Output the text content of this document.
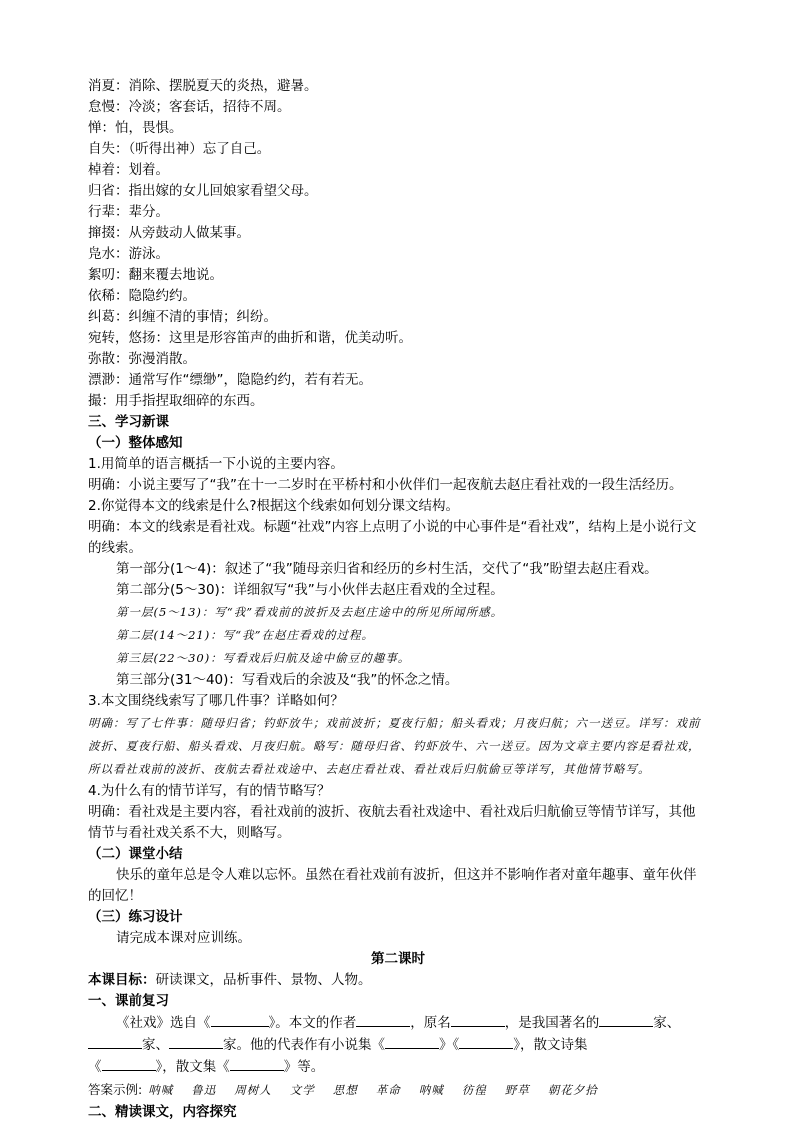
消夏：消除、摆脱夏天的炎热，避暑。
怠慢：冷淡；客套话，招待不周。
惮：怕，畏惧。
自失：（听得出神）忘了自己。
棹着：划着。
归省：指出嫁的女儿回娘家看望父母。
行辈：辈分。
撺掇：从旁鼓动人做某事。
凫水：游泳。
絮叨：翻来覆去地说。
依稀：隐隐约约。
纠葛：纠缠不清的事情；纠纷。
宛转，悠扬：这里是形容笛声的曲折和谐，优美动听。
弥散：弥漫消散。
漂渺：通常写作“缥缈”，隐隐约约，若有若无。
撮：用手指捏取细碎的东西。
三、学习新课
（一）整体感知
1.用简单的语言概括一下小说的主要内容。
明确：小说主要写了“我”在十一二岁时在平桥村和小伙伴们一起夜航去赵庄看社戏的一段生活经历。
2.你觉得本文的线索是什么?根据这个线索如何划分课文结构。
明确：本文的线索是看社戏。标题“社戏”内容上点明了小说的中心事件是“看社戏”，结构上是小说行文的线索。
第一部分(1～4)：叙述了“我”随母亲归省和经历的乡村生活，交代了“我”盼望去赵庄看戏。
第二部分(5～30)：详细叙写“我”与小伙伴去赵庄看戏的全过程。
第一层(5～13)：写“我”看戏前的波折及去赵庄途中的所见所闻所感。
第二层(14～21)：写“我”在赵庄看戏的过程。
第三层(22～30)：写看戏后归航及途中偷豆的趣事。
第三部分(31～40)：写看戏后的余波及“我”的怀念之情。
3.本文围绕线索写了哪几件事？详略如何？
明确：写了七件事：随母归省；钓虾放牛；戏前波折；夏夜行船；船头看戏；月夜归航；六一送豆。详写：戏前波折、夏夜行船、船头看戏、月夜归航。略写：随母归省、钓虾放牛、六一送豆。因为文章主要内容是看社戏，所以看社戏前的波折、夜航去看社戏途中、去赵庄看社戏、看社戏后归航偷豆等详写，其他情节略写。
4.为什么有的情节详写，有的情节略写？
明确：看社戏是主要内容，看社戏前的波折、夜航去看社戏途中、看社戏后归航偷豆等情节详写，其他情节与看社戏关系不大，则略写。
（二）课堂小结
快乐的童年总是令人难以忘怀。虽然在看社戏前有波折，但这并不影响作者对童年趣事、童年伙伴的回忆！
（三）练习设计
请完成本课对应训练。
第二课时
本课目标：研读课文，品析事件、景物、人物。
一、课前复习
《社戏》选自《	》。本文的作者	，原名	，是我国著名的	家、
家、	家。他的代表作有小说集《	》《	》，散文诗集
《	》，散文集《	》等。
答案示例: 呐喊 鲁迅 周树人 文学 思想 革命 呐喊 彷徨 野草 朝花夕拾
二、精读课文，内容探究
